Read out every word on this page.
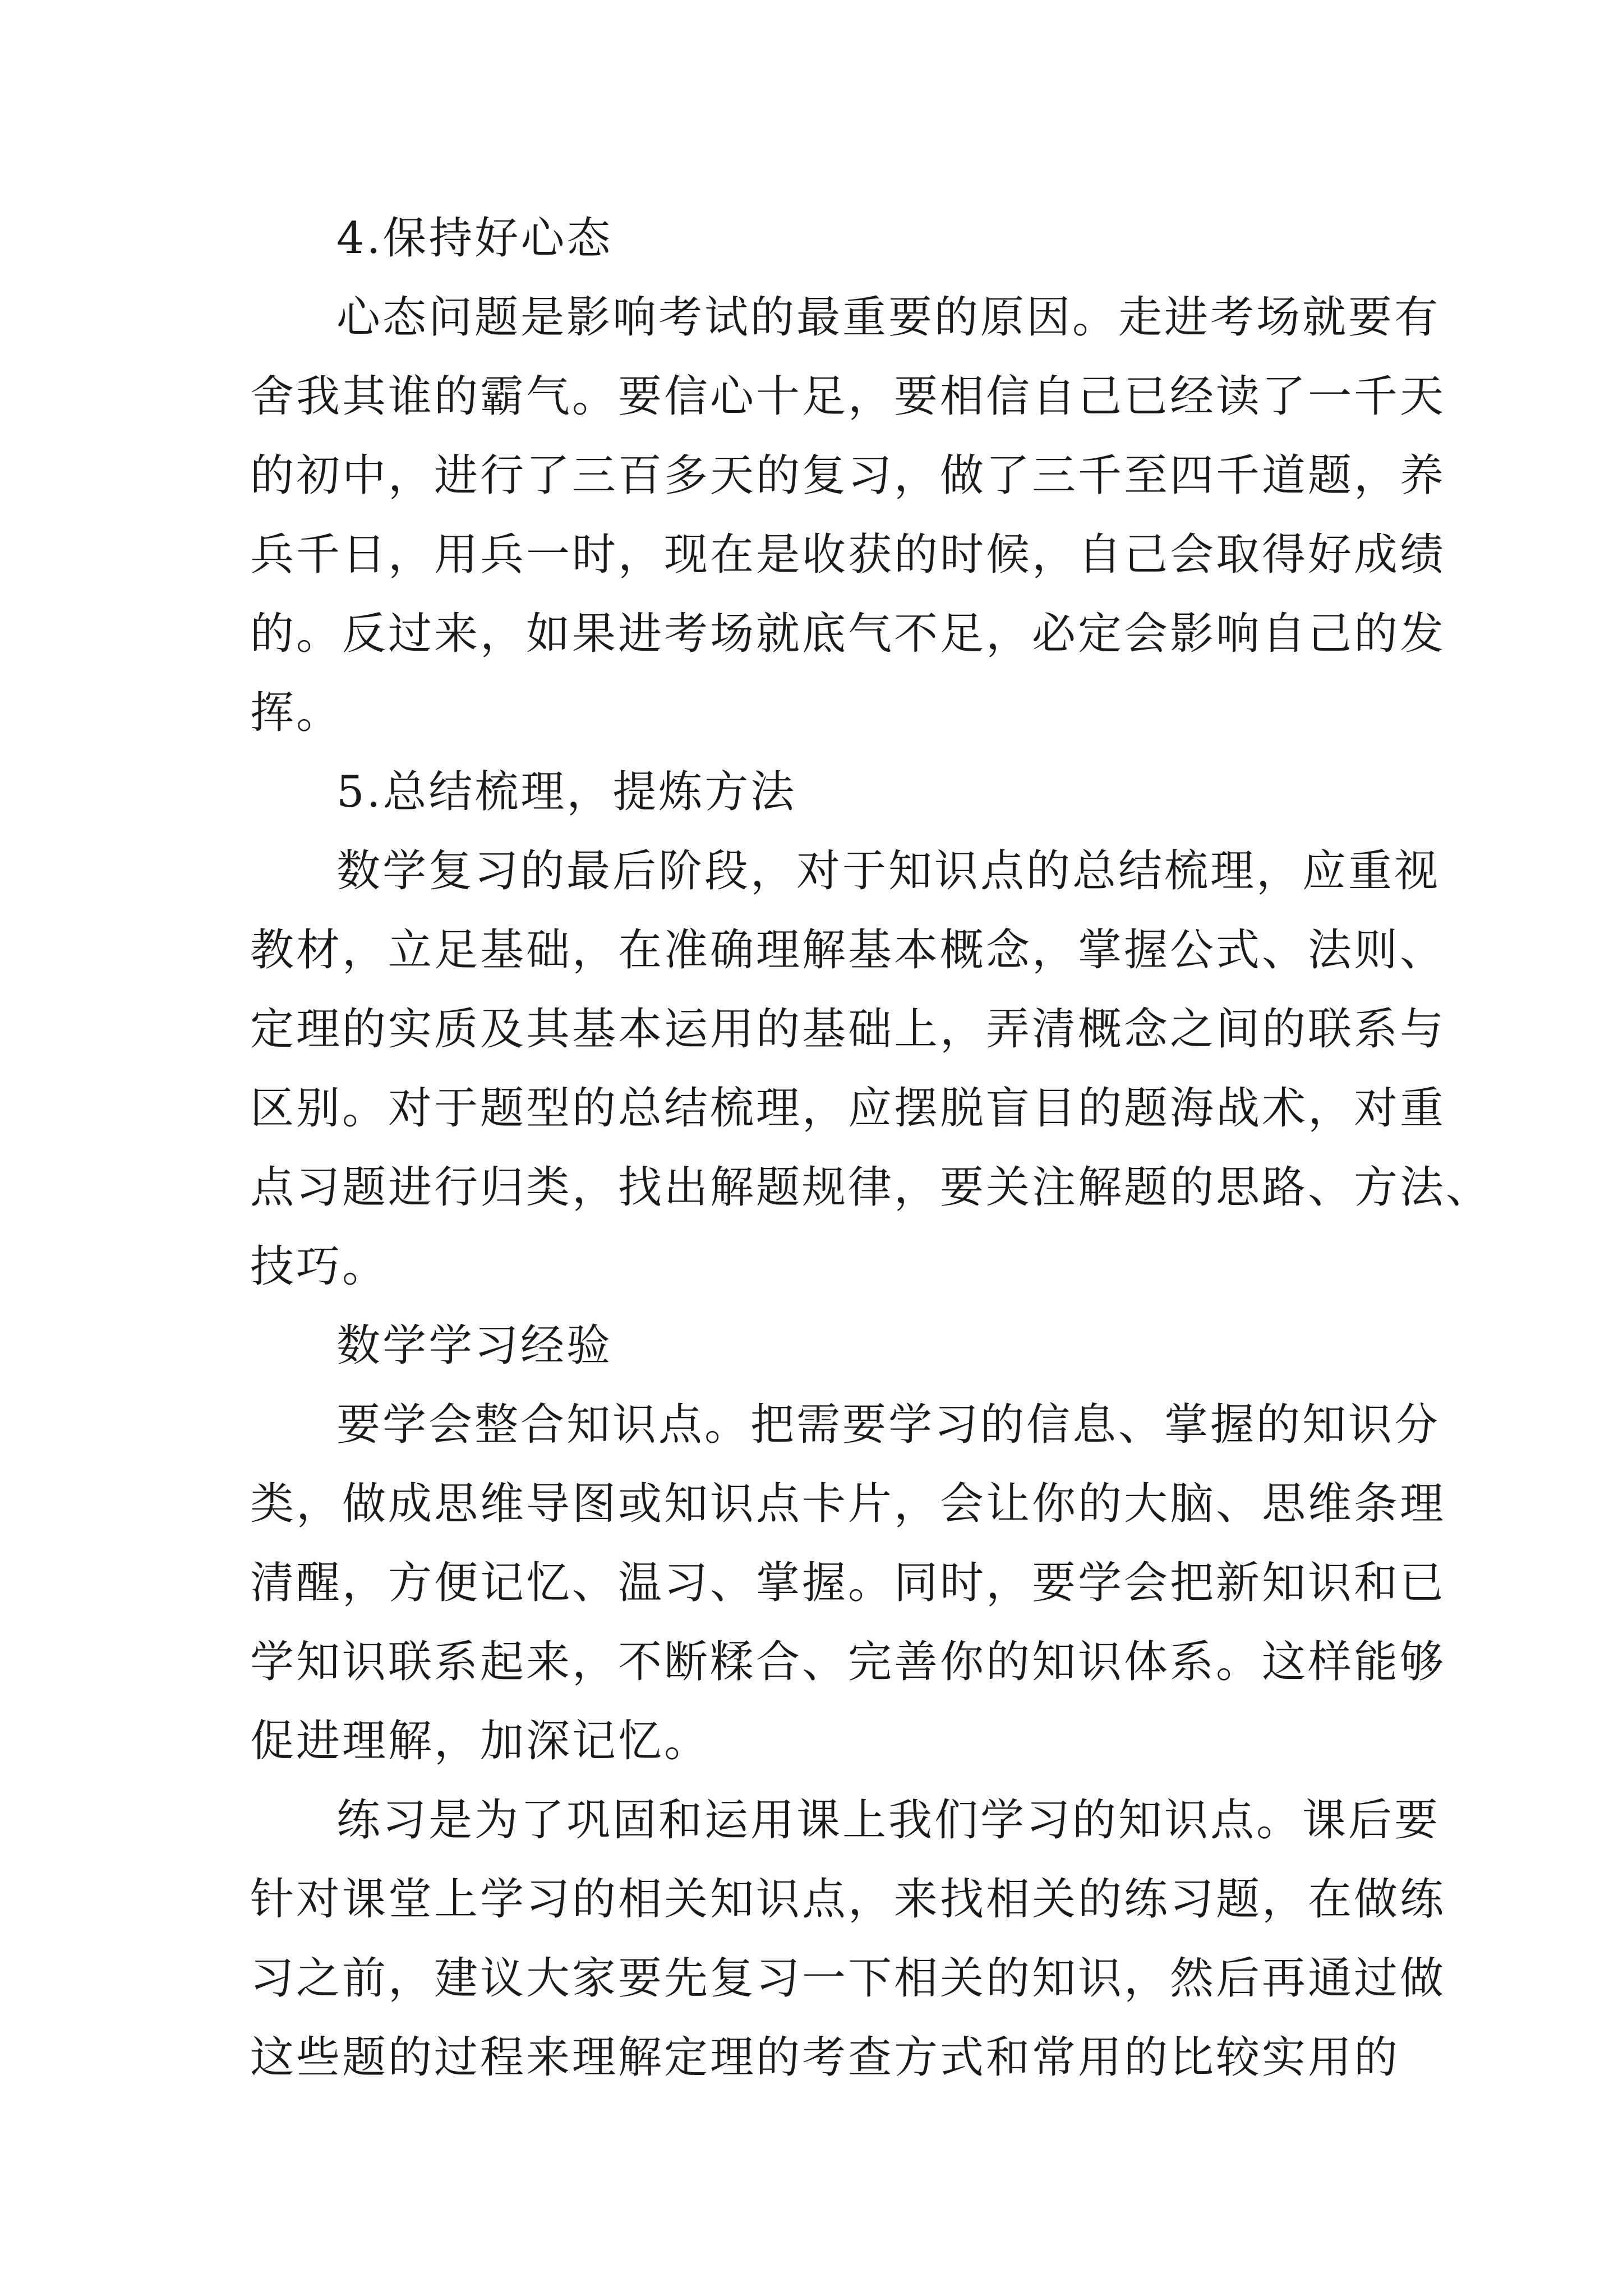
4.保持好心态

心态问题是影响考试的最重要的原因。走进考场就要有

舍我其谁的霸气。要信心十足，要相信自己已经读了一千天

的初中，进行了三百多天的复习，做了三千至四千道题，养

兵千日，用兵一时，现在是收获的时候，自己会取得好成绩

的。反过来，如果进考场就底气不足，必定会影响自己的发

挥。

5.总结梳理，提炼方法

数学复习的最后阶段，对于知识点的总结梳理，应重视

教材，立足基础，在准确理解基本概念，掌握公式、法则、

定理的实质及其基本运用的基础上，弄清概念之间的联系与

区别。对于题型的总结梳理，应摆脱盲目的题海战术，对重

点习题进行归类，找出解题规律，要关注解题的思路、方法、

技巧。

数学学习经验

要学会整合知识点。把需要学习的信息、掌握的知识分

类，做成思维导图或知识点卡片，会让你的大脑、思维条理

清醒，方便记忆、温习、掌握。同时，要学会把新知识和已

学知识联系起来，不断糅合、完善你的知识体系。这样能够

促进理解，加深记忆。

练习是为了巩固和运用课上我们学习的知识点。课后要

针对课堂上学习的相关知识点，来找相关的练习题，在做练

习之前，建议大家要先复习一下相关的知识，然后再通过做

这些题的过程来理解定理的考查方式和常用的比较实用的
